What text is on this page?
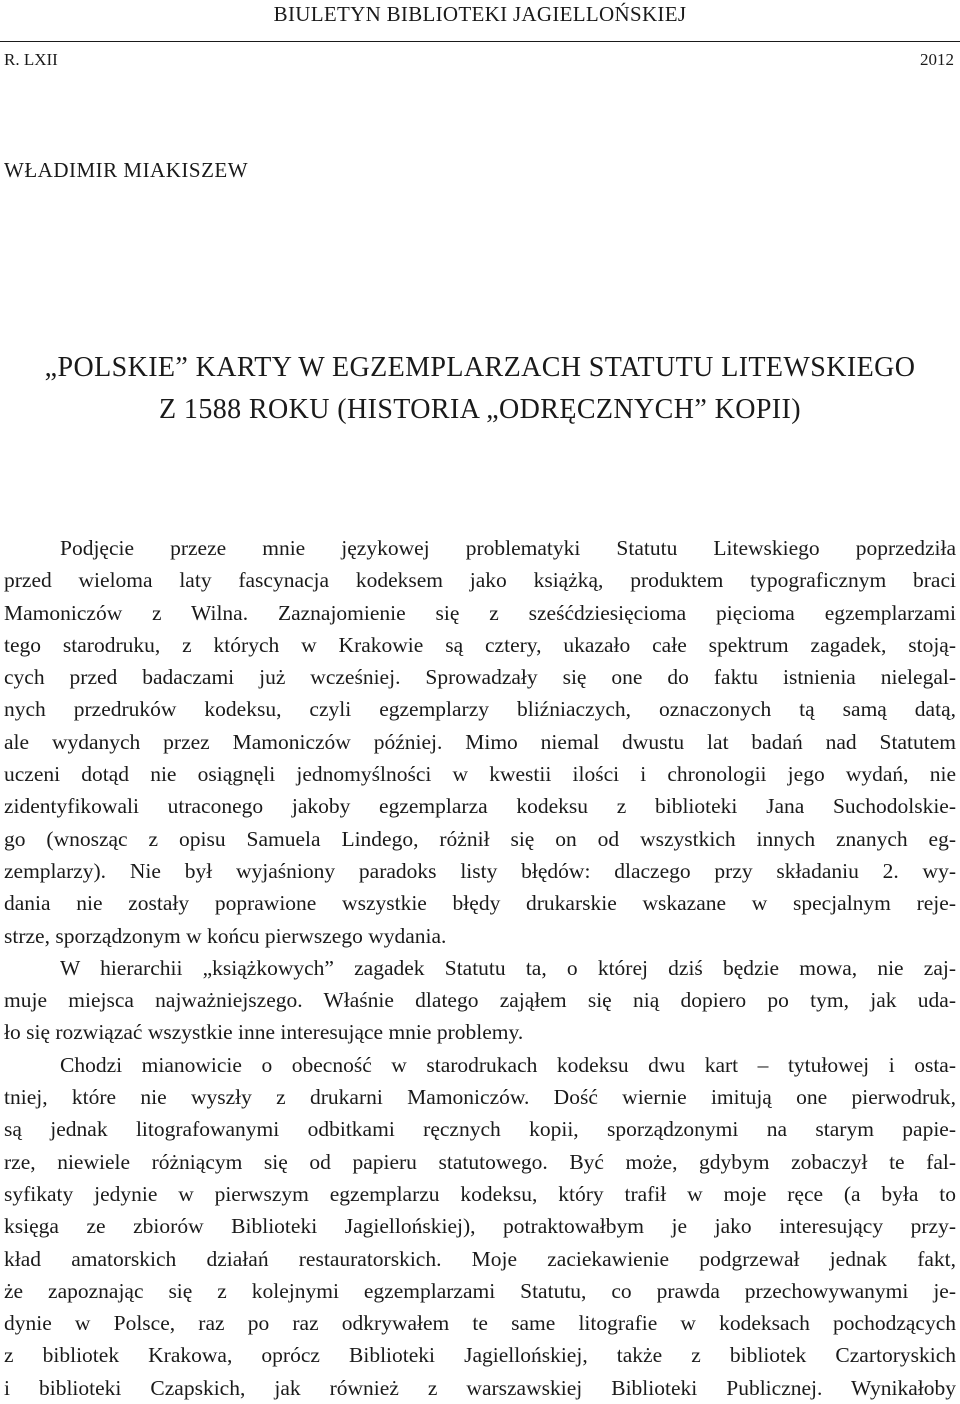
BIULETYN BIBLIOTEKI JAGIELLOŃSKIEJ
R. LXII	2012
WŁADIMIR MIAKISZEW
„POLSKIE” KARTY W EGZEMPLARZACH STATUTU LITEWSKIEGO
Z 1588 ROKU (HISTORIA „ODRĘCZNYCH” KOPII)

Podjęcie przeze mnie językowej problematyki Statutu Litewskiego poprzedziła
przed wieloma laty fascynacja kodeksem jako książką, produktem typograficznym braci
Mamoniczów z Wilna. Zaznajomienie się z sześćdziesięcioma pięcioma egzemplarzami
tego starodruku, z których w Krakowie są cztery, ukazało całe spektrum zagadek, stoją-
cych przed badaczami już wcześniej. Sprowadzały się one do faktu istnienia nielegal-
nych przedruków kodeksu, czyli egzemplarzy bliźniaczych, oznaczonych tą samą datą,
ale wydanych przez Mamoniczów później. Mimo niemal dwustu lat badań nad Statutem
uczeni dotąd nie osiągnęli jednomyślności w kwestii ilości i chronologii jego wydań, nie
zidentyfikowali utraconego jakoby egzemplarza kodeksu z biblioteki Jana Suchodolskie-
go (wnosząc z opisu Samuela Lindego, różnił się on od wszystkich innych znanych eg-
zemplarzy). Nie był wyjaśniony paradoks listy błędów: dlaczego przy składaniu 2. wy-
dania nie zostały poprawione wszystkie błędy drukarskie wskazane w specjalnym reje-
strze, sporządzonym w końcu pierwszego wydania.

W hierarchii „książkowych” zagadek Statutu ta, o której dziś będzie mowa, nie zaj-
muje miejsca najważniejszego. Właśnie dlatego zająłem się nią dopiero po tym, jak uda-
ło się rozwiązać wszystkie inne interesujące mnie problemy.

Chodzi mianowicie o obecność w starodrukach kodeksu dwu kart – tytułowej i osta-
tniej, które nie wyszły z drukarni Mamoniczów. Dość wiernie imitują one pierwodruk,
są jednak litografowanymi odbitkami ręcznych kopii, sporządzonymi na starym papie-
rze, niewiele różniącym się od papieru statutowego. Być może, gdybym zobaczył te fal-
syfikaty jedynie w pierwszym egzemplarzu kodeksu, który trafił w moje ręce (a była to
księga ze zbiorów Biblioteki Jagiellońskiej), potraktowałbym je jako interesujący przy-
kład amatorskich działań restauratorskich. Moje zaciekawienie podgrzewał jednak fakt,
że zapoznając się z kolejnymi egzemplarzami Statutu, co prawda przechowywanymi je-
dynie w Polsce, raz po raz odkrywałem te same litografie w kodeksach pochodzących
z bibliotek Krakowa, oprócz Biblioteki Jagiellońskiej, także z bibliotek Czartoryskich
i biblioteki Czapskich, jak również z warszawskiej Biblioteki Publicznej. Wynikałoby
